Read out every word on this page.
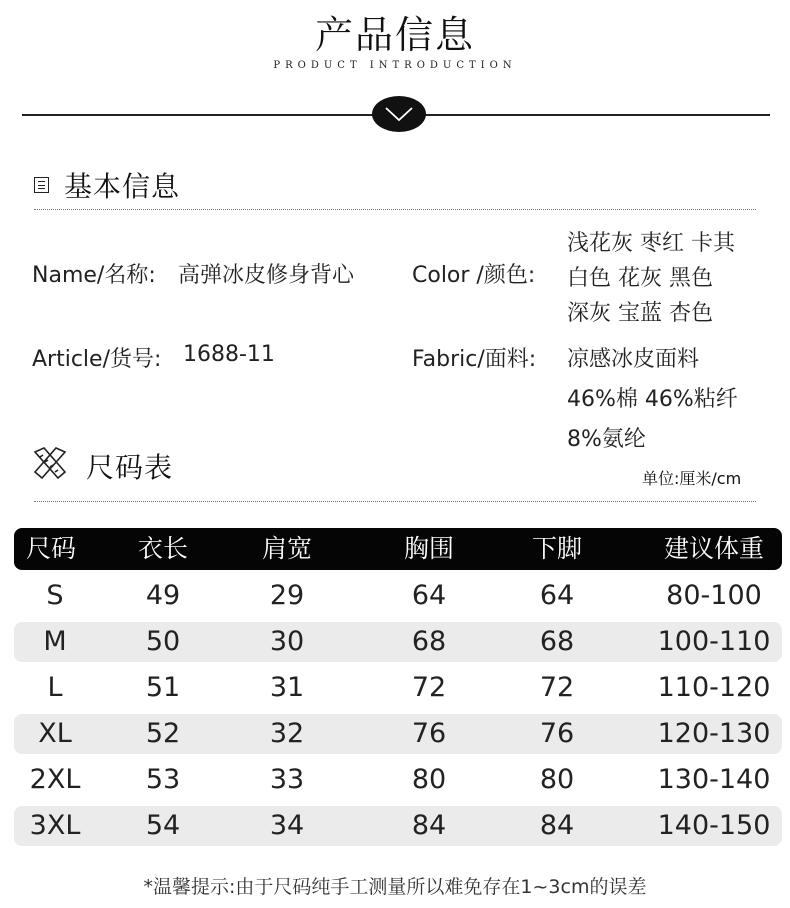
产品信息
PRODUCT INTRODUCTION
基本信息
Name/名称: 高弹冰皮修身背心	Color /颜色:
浅花灰 枣红 卡其
白色 花灰 黑色
深灰 宝蓝 杏色
Article/货号: 1688-11	Fabric/面料: 凉感冰皮面料
46%棉 46%粘纤
8%氨纶
尺码表	单位:厘米/cm
尺码	衣长	肩宽	胸围	下脚	建议体重
S	49	29	64	64	80-100
M	50	30	68	68	100-110
L	51	31	72	72	110-120
XL	52	32	76	76	120-130
2XL	53	33	80	80	130-140
3XL	54	34	84	84	140-150
*温馨提示:由于尺码纯手工测量所以难免存在1~3cm的误差
